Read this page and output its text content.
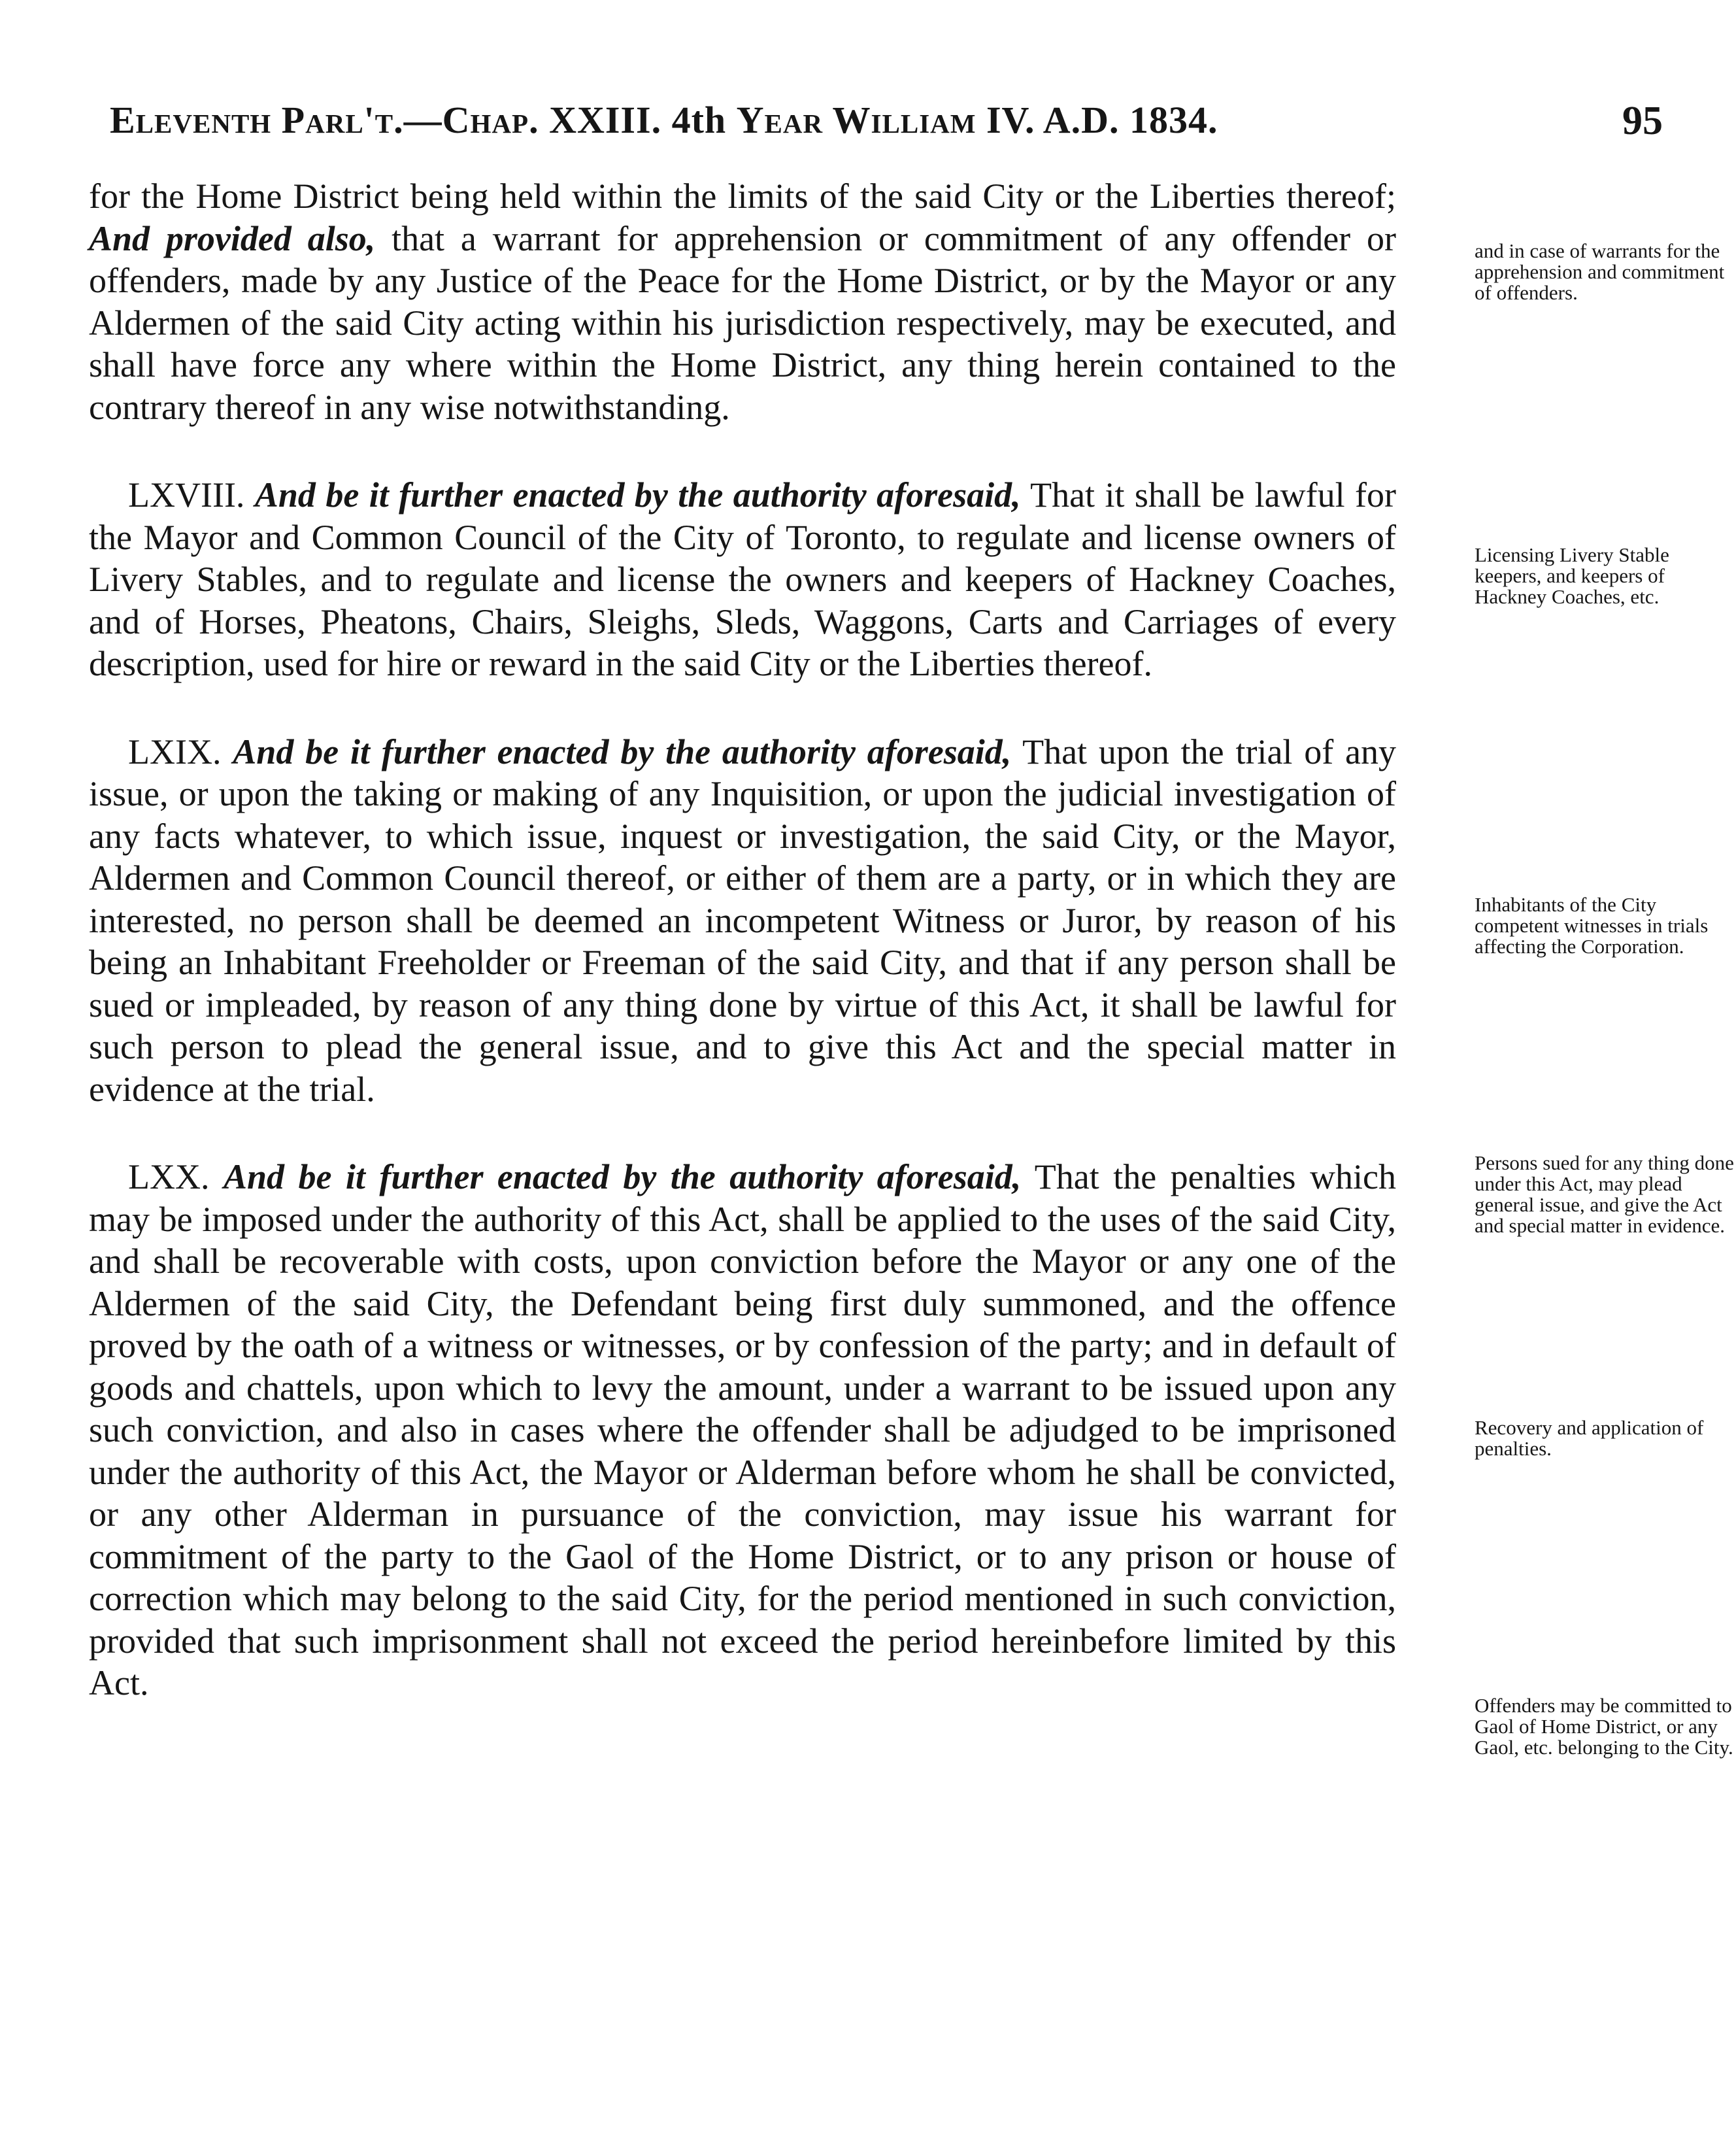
Eleventh Parl't.—Chap. XXIII. 4th Year William IV. A.D. 1834.	95

for the Home District being held within the limits of the said City or the Liberties thereof; And provided also, that a warrant for apprehension or commitment of any offender or offenders, made by any Justice of the Peace for the Home District, or by the Mayor or any Aldermen of the said City acting within his jurisdiction respectively, may be executed, and shall have force any where within the Home District, any thing herein contained to the contrary thereof in any wise notwithstanding.

LXVIII. And be it further enacted by the authority aforesaid, That it shall be lawful for the Mayor and Common Council of the City of Toronto, to regulate and license owners of Livery Stables, and to regulate and license the owners and keepers of Hackney Coaches, and of Horses, Pheatons, Chairs, Sleighs, Sleds, Waggons, Carts and Carriages of every description, used for hire or reward in the said City or the Liberties thereof.

LXIX. And be it further enacted by the authority aforesaid, That upon the trial of any issue, or upon the taking or making of any Inquisition, or upon the judicial investigation of any facts whatever, to which issue, inquest or investigation, the said City, or the Mayor, Aldermen and Common Council thereof, or either of them are a party, or in which they are interested, no person shall be deemed an incompetent Witness or Juror, by reason of his being an Inhabitant Freeholder or Freeman of the said City, and that if any person shall be sued or impleaded, by reason of any thing done by virtue of this Act, it shall be lawful for such person to plead the general issue, and to give this Act and the special matter in evidence at the trial.

LXX. And be it further enacted by the authority aforesaid, That the penalties which may be imposed under the authority of this Act, shall be applied to the uses of the said City, and shall be recoverable with costs, upon conviction before the Mayor or any one of the Aldermen of the said City, the Defendant being first duly summoned, and the offence proved by the oath of a witness or witnesses, or by confession of the party; and in default of goods and chattels, upon which to levy the amount, under a warrant to be issued upon any such conviction, and also in cases where the offender shall be adjudged to be imprisoned under the authority of this Act, the Mayor or Alderman before whom he shall be convicted, or any other Alderman in pursuance of the conviction, may issue his warrant for commitment of the party to the Gaol of the Home District, or to any prison or house of correction which may belong to the said City, for the period mentioned in such conviction, provided that such imprisonment shall not exceed the period hereinbefore limited by this Act.

and in case of warrants for the apprehension and commitment of offenders.
Licensing Livery Stable keepers, and keepers of Hackney Coaches, etc.
Inhabitants of the City competent witnesses in trials affecting the Corporation.
Persons sued for any thing done under this Act, may plead general issue, and give the Act and special matter in evidence.
Recovery and application of penalties.
Offenders may be committed to Gaol of Home District, or any Gaol, etc. belonging to the City.
